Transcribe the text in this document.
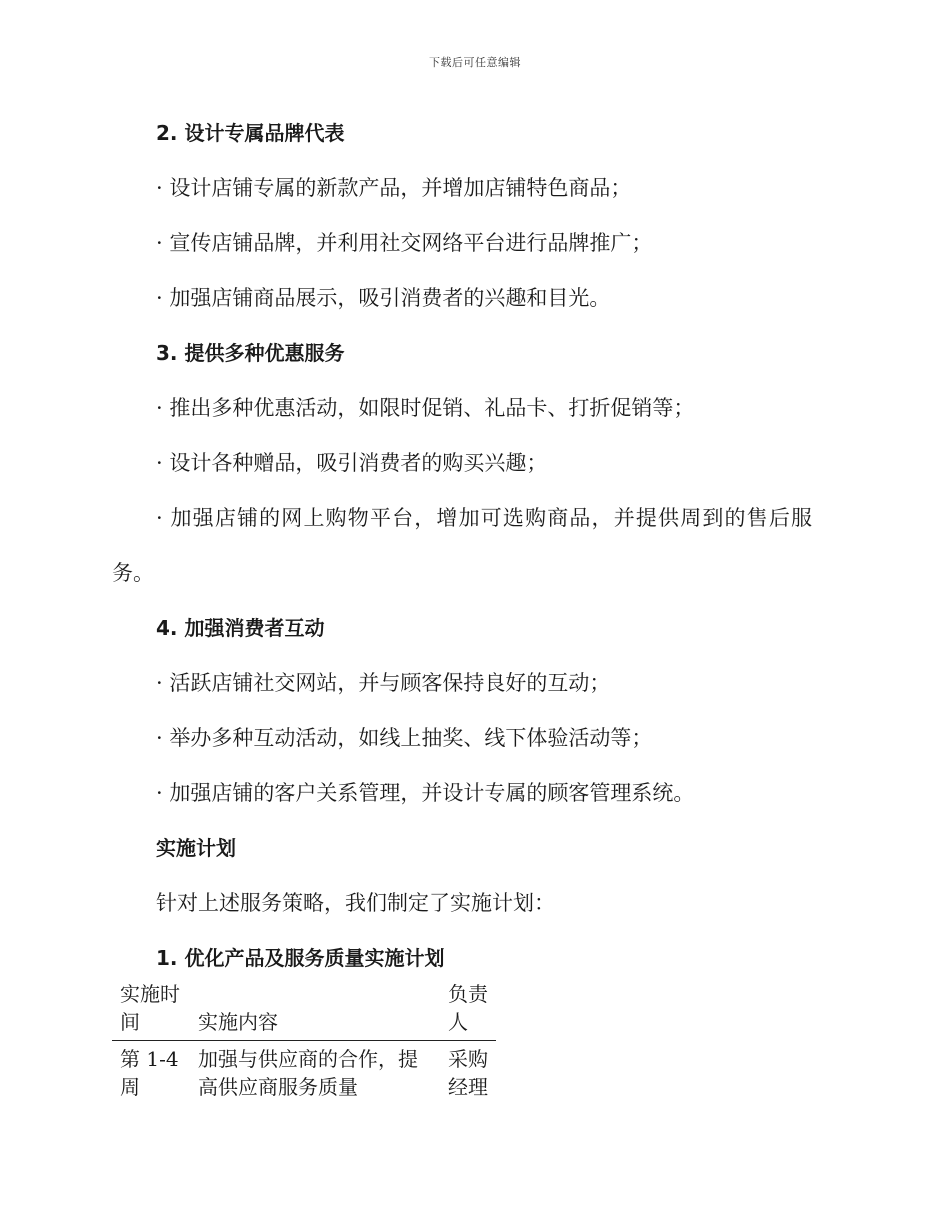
下载后可任意编辑

2. 设计专属品牌代表

· 设计店铺专属的新款产品，并增加店铺特色商品；

· 宣传店铺品牌，并利用社交网络平台进行品牌推广；

· 加强店铺商品展示，吸引消费者的兴趣和目光。

3. 提供多种优惠服务

· 推出多种优惠活动，如限时促销、礼品卡、打折促销等；

· 设计各种赠品，吸引消费者的购买兴趣；

· 加强店铺的网上购物平台，增加可选购商品，并提供周到的售后服务。

4. 加强消费者互动

· 活跃店铺社交网站，并与顾客保持良好的互动；

· 举办多种互动活动，如线上抽奖、线下体验活动等；

· 加强店铺的客户关系管理，并设计专属的顾客管理系统。

实施计划

针对上述服务策略，我们制定了实施计划：

1. 优化产品及服务质量实施计划

实施时间	实施内容	负责人
第 1-4 周	加强与供应商的合作，提高供应商服务质量	采购经理
